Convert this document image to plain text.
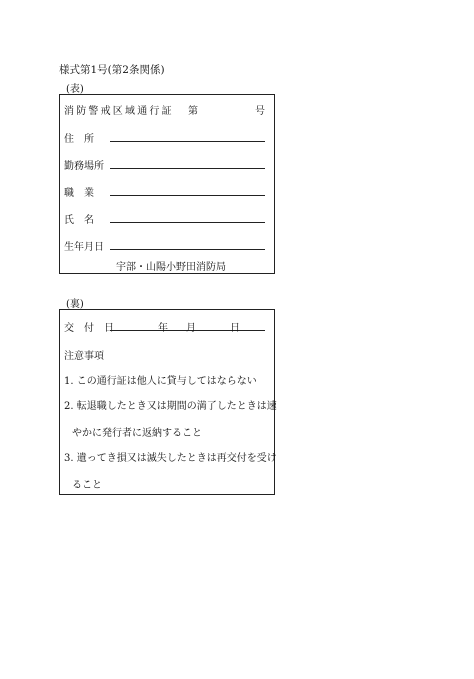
様式第1号(第2条関係)
(表)
消防警戒区域通行証 第	号
住　所
勤務場所
職　業
氏　名
生年月日
宇部・山陽小野田消防局
(裏)
交　付　日	年 月	日
注意事項
1. この通行証は他人に貸与してはならない
2. 転退職したとき又は期間の満了したときは速
やかに発行者に返納すること
3. 遺ってき損又は滅失したときは再交付を受け
ること
